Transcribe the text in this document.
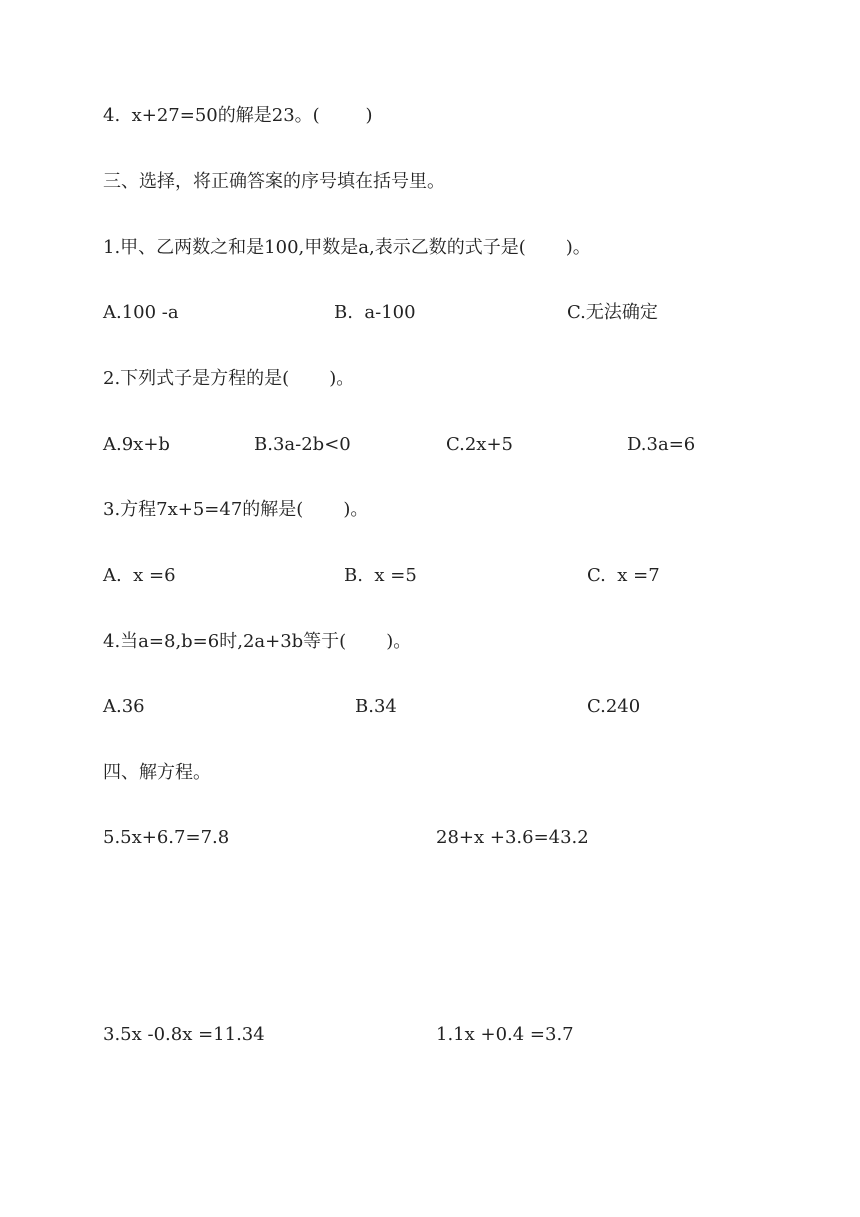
4.  x+27=50的解是23。(        )
三、选择，将正确答案的序号填在括号里。
1.甲、乙两数之和是100,甲数是a,表示乙数的式子是(       )。
A.100 -a	B.  a-100	C.无法确定
2.下列式子是方程的是(       )。
A.9x+b	B.3a-2b<0	C.2x+5	D.3a=6
3.方程7x+5=47的解是(       )。
A.  x =6	B.  x =5	C.  x =7
4.当a=8,b=6时,2a+3b等于(       )。
A.36	B.34	C.240
四、解方程。
5.5x+6.7=7.8	28+x +3.6=43.2
3.5x -0.8x =11.34	1.1x +0.4 =3.7
